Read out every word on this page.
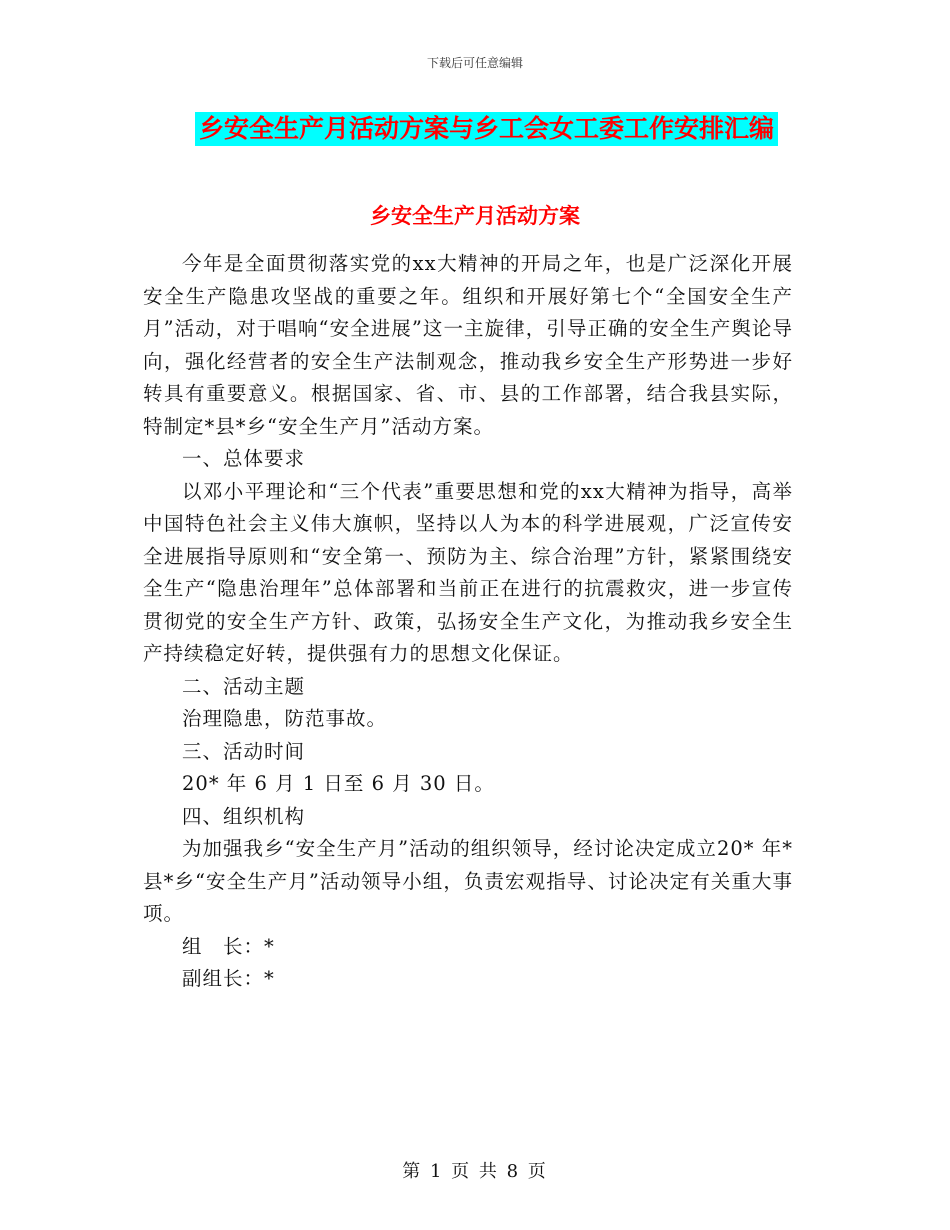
下载后可任意编辑
乡安全生产月活动方案与乡工会女工委工作安排汇编
乡安全生产月活动方案

今年是全面贯彻落实党的xx大精神的开局之年，也是广泛深化开展安全生产隐患攻坚战的重要之年。组织和开展好第七个“全国安全生产月”活动，对于唱响“安全进展”这一主旋律，引导正确的安全生产舆论导向，强化经营者的安全生产法制观念，推动我乡安全生产形势进一步好转具有重要意义。根据国家、省、市、县的工作部署，结合我县实际，特制定*县*乡“安全生产月”活动方案。

一、总体要求

以邓小平理论和“三个代表”重要思想和党的xx大精神为指导，高举中国特色社会主义伟大旗帜，坚持以人为本的科学进展观，广泛宣传安全进展指导原则和“安全第一、预防为主、综合治理”方针，紧紧围绕安全生产“隐患治理年”总体部署和当前正在进行的抗震救灾，进一步宣传贯彻党的安全生产方针、政策，弘扬安全生产文化，为推动我乡安全生产持续稳定好转，提供强有力的思想文化保证。

二、活动主题

治理隐患，防范事故。

三、活动时间

20* 年 6 月 1 日至 6 月 30 日。

四、组织机构

为加强我乡“安全生产月”活动的组织领导，经讨论决定成立20* 年*县*乡“安全生产月”活动领导小组，负责宏观指导、讨论决定有关重大事项。

组　长：*

副组长：*

第 1 页 共 8 页
